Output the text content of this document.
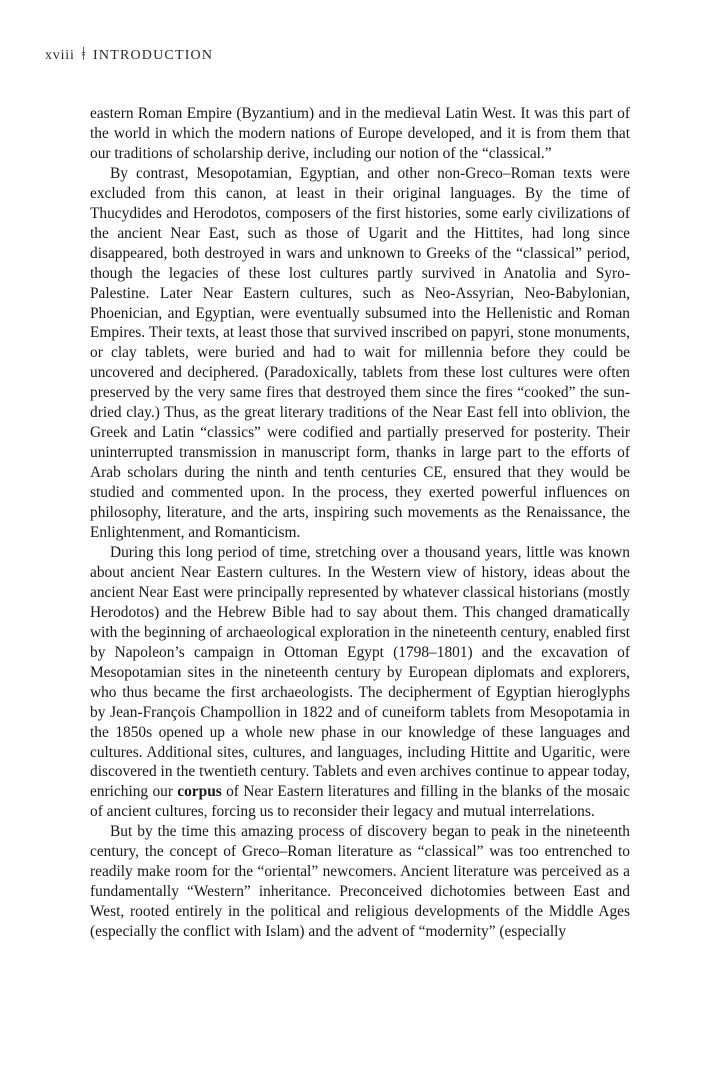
xviii ǂ INTRODUCTION

eastern Roman Empire (Byzantium) and in the medieval Latin West. It was this part of the world in which the modern nations of Europe developed, and it is from them that our traditions of scholarship derive, including our notion of the “classical.”

By contrast, Mesopotamian, Egyptian, and other non-Greco–Roman texts were excluded from this canon, at least in their original languages. By the time of Thucydides and Herodotos, composers of the first histories, some early civilizations of the ancient Near East, such as those of Ugarit and the Hittites, had long since disappeared, both destroyed in wars and unknown to Greeks of the “classical” period, though the legacies of these lost cultures partly survived in Anatolia and Syro-Palestine. Later Near Eastern cultures, such as Neo-Assyrian, Neo-Babylonian, Phoenician, and Egyptian, were eventually subsumed into the Hellenistic and Roman Empires. Their texts, at least those that survived inscribed on papyri, stone monuments, or clay tablets, were buried and had to wait for millennia before they could be uncovered and deciphered. (Paradoxically, tablets from these lost cultures were often preserved by the very same fires that destroyed them since the fires “cooked” the sun-dried clay.) Thus, as the great literary traditions of the Near East fell into oblivion, the Greek and Latin “classics” were codified and partially preserved for posterity. Their uninterrupted transmission in manuscript form, thanks in large part to the efforts of Arab scholars during the ninth and tenth centuries CE, ensured that they would be studied and commented upon. In the process, they exerted powerful influences on philosophy, literature, and the arts, inspiring such movements as the Renaissance, the Enlightenment, and Romanticism.

During this long period of time, stretching over a thousand years, little was known about ancient Near Eastern cultures. In the Western view of history, ideas about the ancient Near East were principally represented by whatever classical historians (mostly Herodotos) and the Hebrew Bible had to say about them. This changed dramatically with the beginning of archaeological exploration in the nineteenth century, enabled first by Napoleon’s campaign in Ottoman Egypt (1798–1801) and the excavation of Mesopotamian sites in the nineteenth century by European diplomats and explorers, who thus became the first archaeologists. The decipherment of Egyptian hieroglyphs by Jean-François Champollion in 1822 and of cuneiform tablets from Mesopotamia in the 1850s opened up a whole new phase in our knowledge of these languages and cultures. Additional sites, cultures, and languages, including Hittite and Ugaritic, were discovered in the twentieth century. Tablets and even archives continue to appear today, enriching our corpus of Near Eastern literatures and filling in the blanks of the mosaic of ancient cultures, forcing us to reconsider their legacy and mutual interrelations.

But by the time this amazing process of discovery began to peak in the nineteenth century, the concept of Greco–Roman literature as “classical” was too entrenched to readily make room for the “oriental” newcomers. Ancient literature was perceived as a fundamentally “Western” inheritance. Preconceived dichotomies between East and West, rooted entirely in the political and religious developments of the Middle Ages (especially the conflict with Islam) and the advent of “modernity” (especially
